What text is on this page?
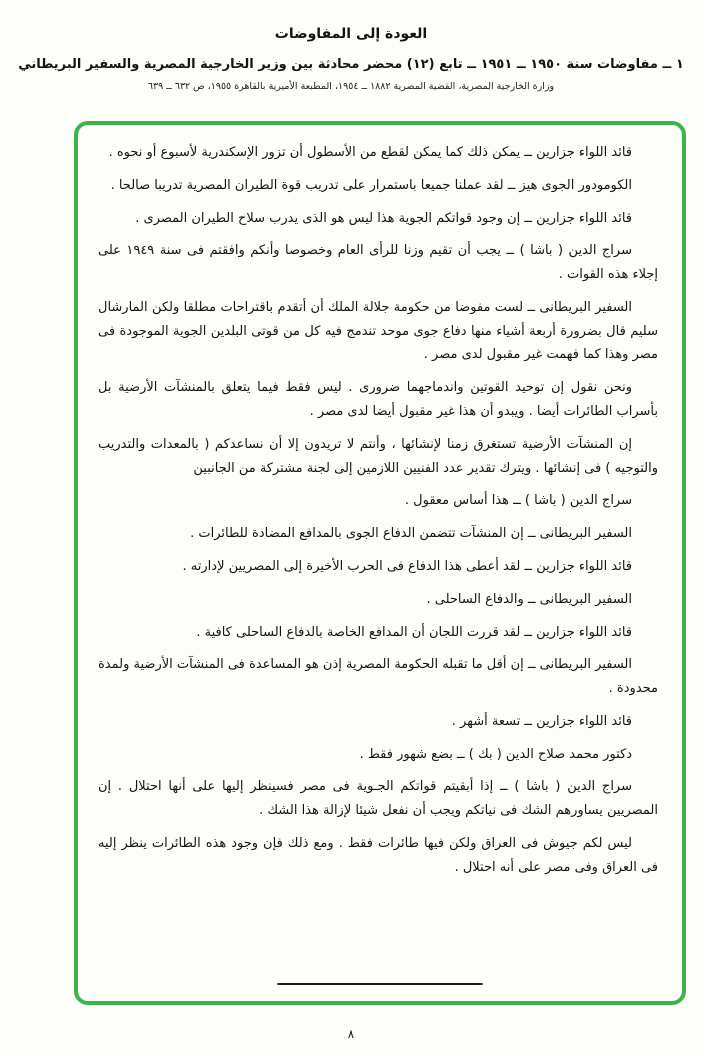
العودة إلى المفاوضات
١ ــ مفاوضات سنة ١٩٥٠ ــ ١٩٥١ ــ تابع (١٢) محضر محادثة بين وزير الخارجية المصرية والسفير البريطاني
وزارة الخارجية المصرية، القضية المصرية ١٨٨٢ ــ ١٩٥٤، المطبعة الأميرية بالقاهرة ١٩٥٥، ص ٦٣٢ ــ ٦٣٩

قائد اللواء جزارين ــ يمكن ذلك كما يمكن لقطع من الأسطول أن تزور الإسكندرية لأسبوع أو نحوه .

الكومودور الجوى هيز ــ لقد عملنا جميعا باستمرار على تدريب قوة الطيران المصرية تدريبا صالحا .

قائد اللواء جزارين ــ إن وجود قواتكم الجوية هذا ليس هو الذى يدرب سلاح الطيران المصرى .

سراج الدين ( باشا ) ــ يجب أن تقيم وزنا للرأى العام وخصوصا وأنكم وافقتم فى سنة ١٩٤٩ على إجلاء هذه القوات .

السفير البريطانى ــ لست مفوضا من حكومة جلالة الملك أن أتقدم باقتراحات مطلقا ولكن المارشال سليم قال بضرورة أربعة أشياء منها دفاع جوى موحد تندمج فيه كل من قوتى البلدين الجوية الموجودة فى مصر وهذا كما فهمت غير مقبول لدى مصر .

ونحن نقول إن توحيد القوتين واندماجهما ضرورى . ليس فقط فيما يتعلق بالمنشآت الأرضية بل بأسراب الطائرات أيضا . ويبدو أن هذا غير مقبول أيضا لدى مصر .

إن المنشآت الأرضية تستغرق زمنا لإنشائها ، وأنتم لا تريدون إلا أن نساعدكم ( بالمعدات والتدريب والتوجيه ) فى إنشائها . ويترك تقدير عدد الفنيين اللازمين إلى لجنة مشتركة من الجانبين

سراج الدين ( باشا ) ــ هذا أساس معقول .

السفير البريطانى ــ إن المنشآت تتضمن الدفاع الجوى بالمدافع المضادة للطائرات .

قائد اللواء جزارين ــ لقد أعطى هذا الدفاع فى الحرب الأخيرة إلى المصريين لإدارته .

السفير البريطانى ــ والدفاع الساحلى .

قائد اللواء جزارين ــ لقد قررت اللجان أن المدافع الخاصة بالدفاع الساحلى كافية .

السفير البريطانى ــ إن أقل ما تقبله الحكومة المصرية إذن هو المساعدة فى المنشآت الأرضية ولمدة محدودة .

قائد اللواء جزارين ــ تسعة أشهر .

دكتور محمد صلاح الدين ( بك ) ــ بضع شهور فقط .

سراج الدين ( باشا ) ــ إذا أبقيتم قواتكم الجـوية فى مصر فسينظر إليها على أنها احتلال . إن المصريين يساورهم الشك فى نياتكم ويجب أن نفعل شيئا لإزالة هذا الشك .

ليس لكم جيوش فى العراق ولكن فيها طائرات فقط . ومع ذلك فإن وجود هذه الطائرات ينظر إليه فى العراق وفى مصر على أنه احتلال .

٨
